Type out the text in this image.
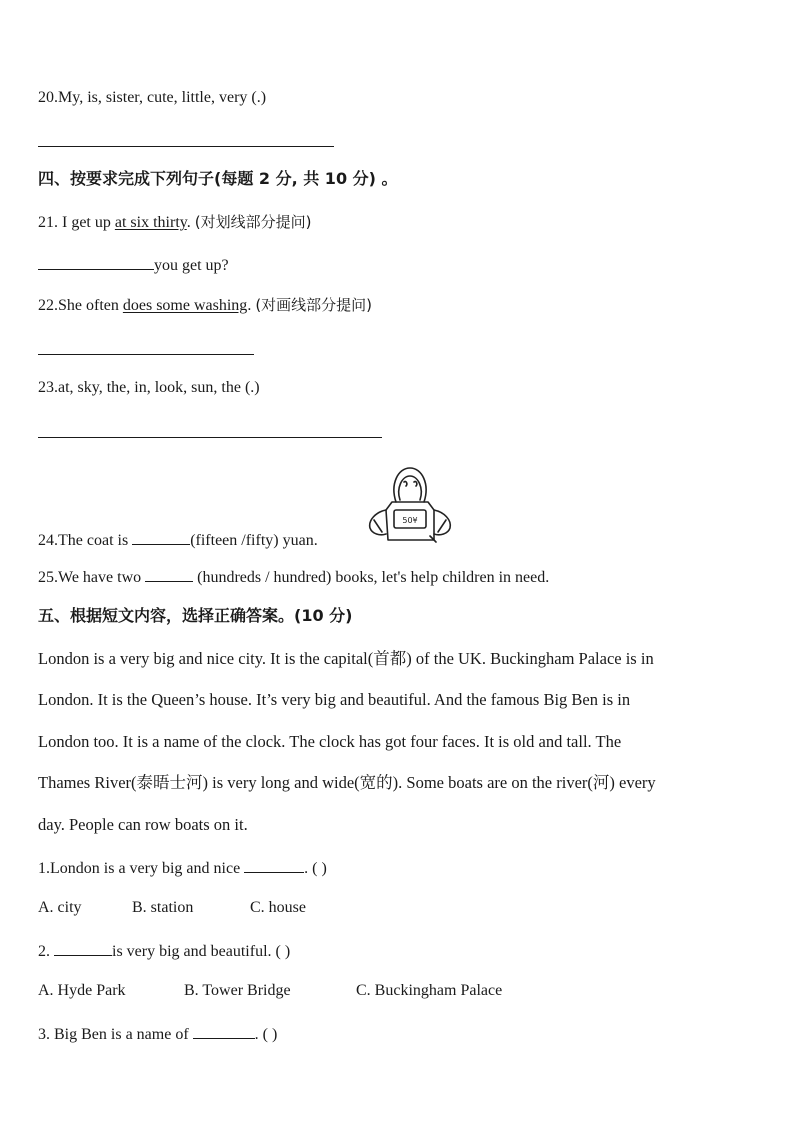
20.My, is, sister, cute, little, very (.)
四、按要求完成下列句子(每题 2 分, 共 10 分) 。
21. I get up at six thirty. (对划线部分提问)
you get up?
22.She often does some washing. (对画线部分提问)
23.at, sky, the, in, look, sun, the (.)
50¥
24.The coat is	(fifteen /fifty) yuan.
25.We have two	(hundreds / hundred) books, let's help children in need.
五、根据短文内容，选择正确答案。(10 分)
London is a very big and nice city. It is the capital(首都) of the UK. Buckingham Palace is in
London. It is the Queen’s house. It’s very big and beautiful. And the famous Big Ben is in
London too. It is a name of the clock. The clock has got four faces. It is old and tall. The
Thames River(泰晤士河) is very long and wide(宽的). Some boats are on the river(河) every
day. People can row boats on it.
1.London is a very big and nice	. ( )
A. city	B. station	C. house
2.	is very big and beautiful. ( )
A. Hyde Park	B. Tower Bridge	C. Buckingham Palace
3. Big Ben is a name of	. ( )
